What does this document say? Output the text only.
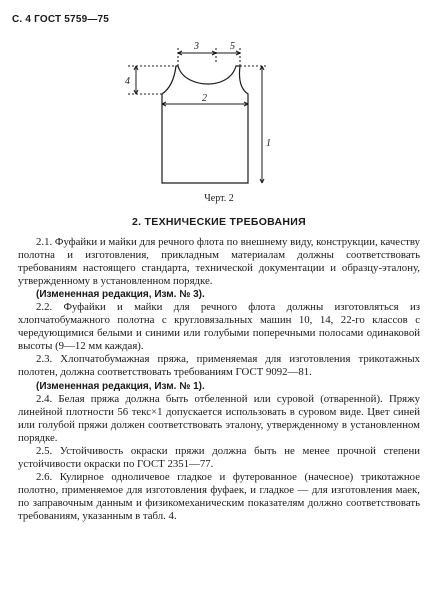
С. 4 ГОСТ 5759—75
3	5
4
2
1
Черт. 2
2. ТЕХНИЧЕСКИЕ ТРЕБОВАНИЯ

2.1. Фуфайки и майки для речного флота по внешнему виду, конструкции, качеству полотна и изготовления, прикладным материалам должны соответствовать требованиям настоящего стандарта, технической документации и образцу-эталону, утвержденному в установленном порядке.

(Измененная редакция, Изм. № 3).

2.2. Фуфайки и майки для речного флота должны изготовляться из хлопчатобумажного полотна с кругловязальных машин 10, 14, 22-го классов с чередующимися белыми и синими или голубыми поперечными полосами одинаковой высоты (9—12 мм каждая).

2.3. Хлопчатобумажная пряжа, применяемая для изготовления трикотажных полотен, должна соответствовать требованиям ГОСТ 9092—81.

(Измененная редакция, Изм. № 1).

2.4. Белая пряжа должна быть отбеленной или суровой (отваренной). Пряжу линейной плотности 56 текс×1 допускается использовать в суровом виде. Цвет синей или голубой пряжи должен соответствовать эталону, утвержденному в установленном порядке.

2.5. Устойчивость окраски пряжи должна быть не менее прочной степени устойчивости окраски по ГОСТ 2351—77.

2.6. Кулирное одноличевое гладкое и футерованное (начесное) трикотажное полотно, применяемое для изготовления фуфаек, и гладкое — для изготовления маек, по заправочным данным и физикомеханическим показателям должно соответствовать требованиям, указанным в табл. 4.
